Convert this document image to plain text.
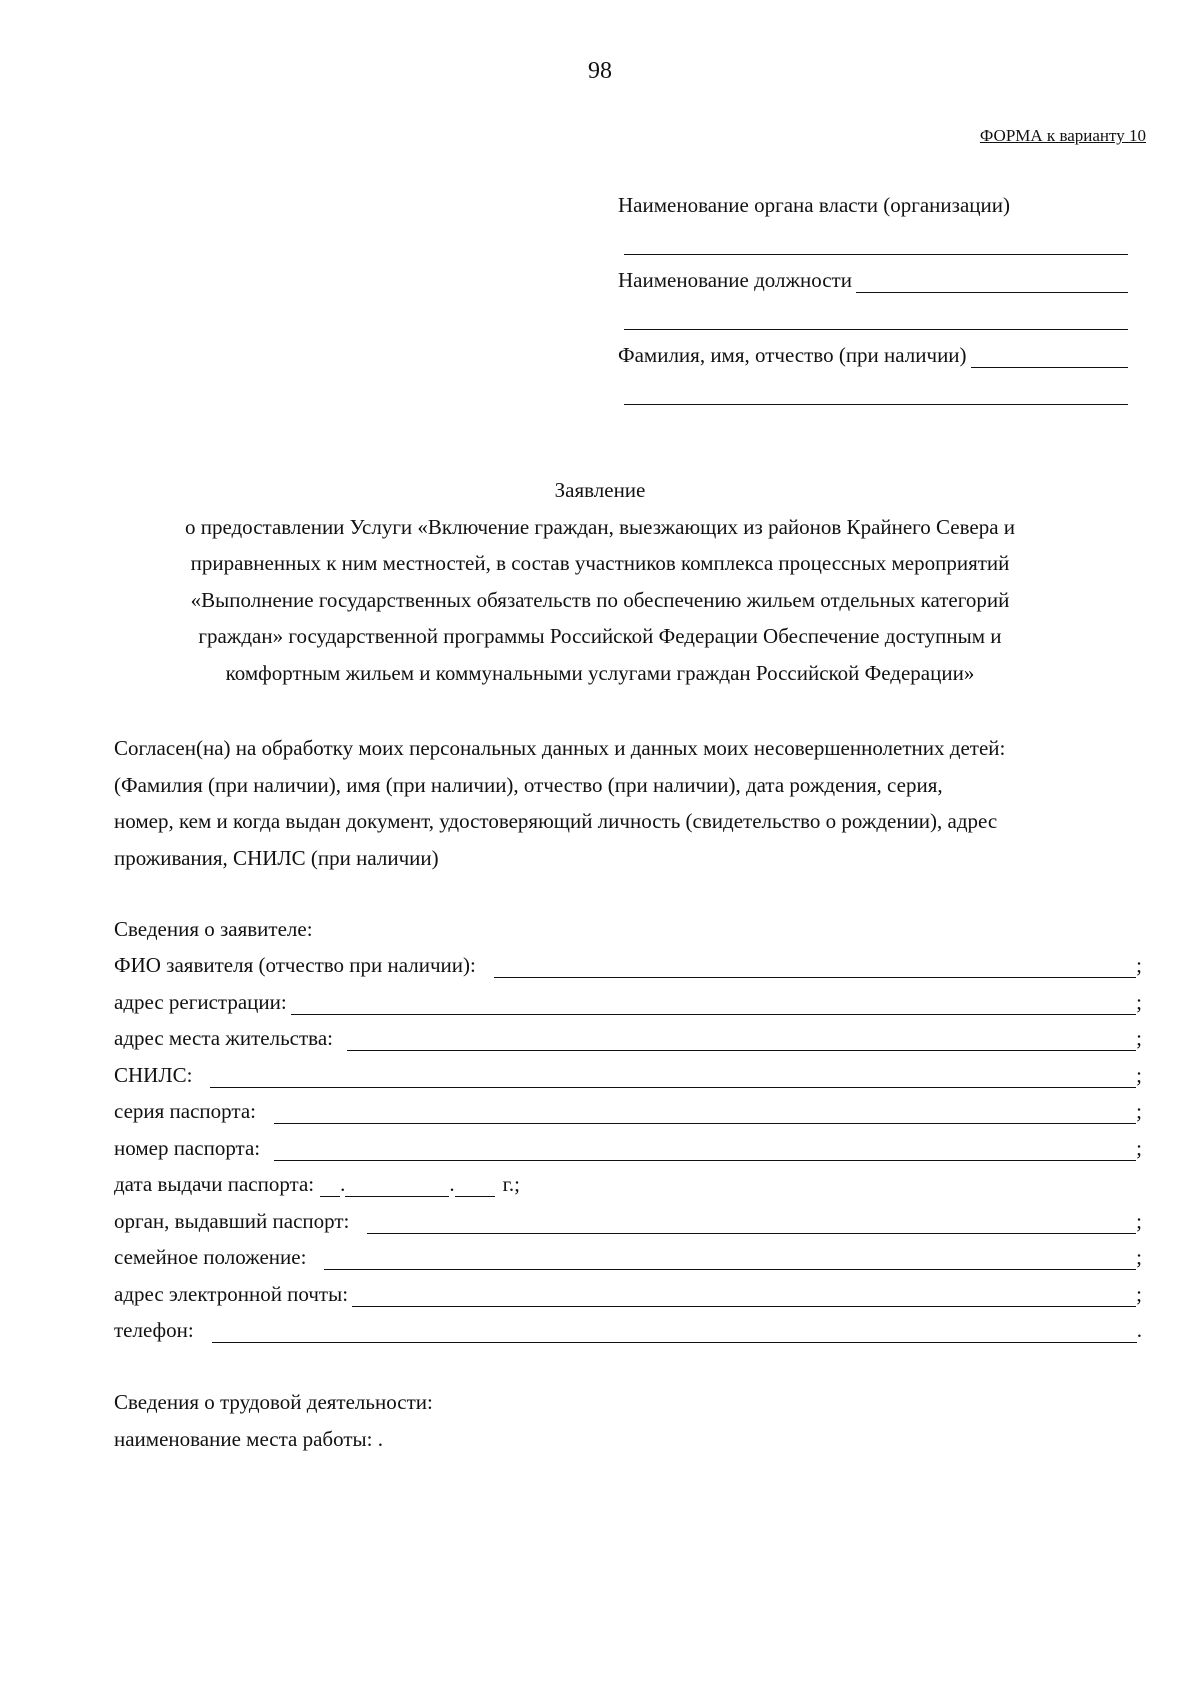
98
ФОРМА к варианту 10
Наименование органа власти (организации)
Наименование должности
Фамилия, имя, отчество (при наличии)
Заявление
о предоставлении Услуги «Включение граждан, выезжающих из районов Крайнего Севера и
приравненных к ним местностей, в состав участников комплекса процессных мероприятий
«Выполнение государственных обязательств по обеспечению жильем отдельных категорий
граждан» государственной программы Российской Федерации Обеспечение доступным и
комфортным жильем и коммунальными услугами граждан Российской Федерации»
Согласен(на) на обработку моих персональных данных и данных моих несовершеннолетних детей:
(Фамилия (при наличии), имя (при наличии), отчество (при наличии), дата рождения, серия,
номер, кем и когда выдан документ, удостоверяющий личность (свидетельство о рождении), адрес
проживания, СНИЛС (при наличии)
Сведения о заявителе:
ФИО заявителя (отчество при наличии):	;
адрес регистрации:	;
адрес места жительства:	;
СНИЛС:	;
серия паспорта:	;
номер паспорта:	;
дата выдачи паспорта: .	. г.;
орган, выдавший паспорт:	;
семейное положение:	;
адрес электронной почты:	;
телефон:	.
Сведения о трудовой деятельности:
наименование места работы: .
